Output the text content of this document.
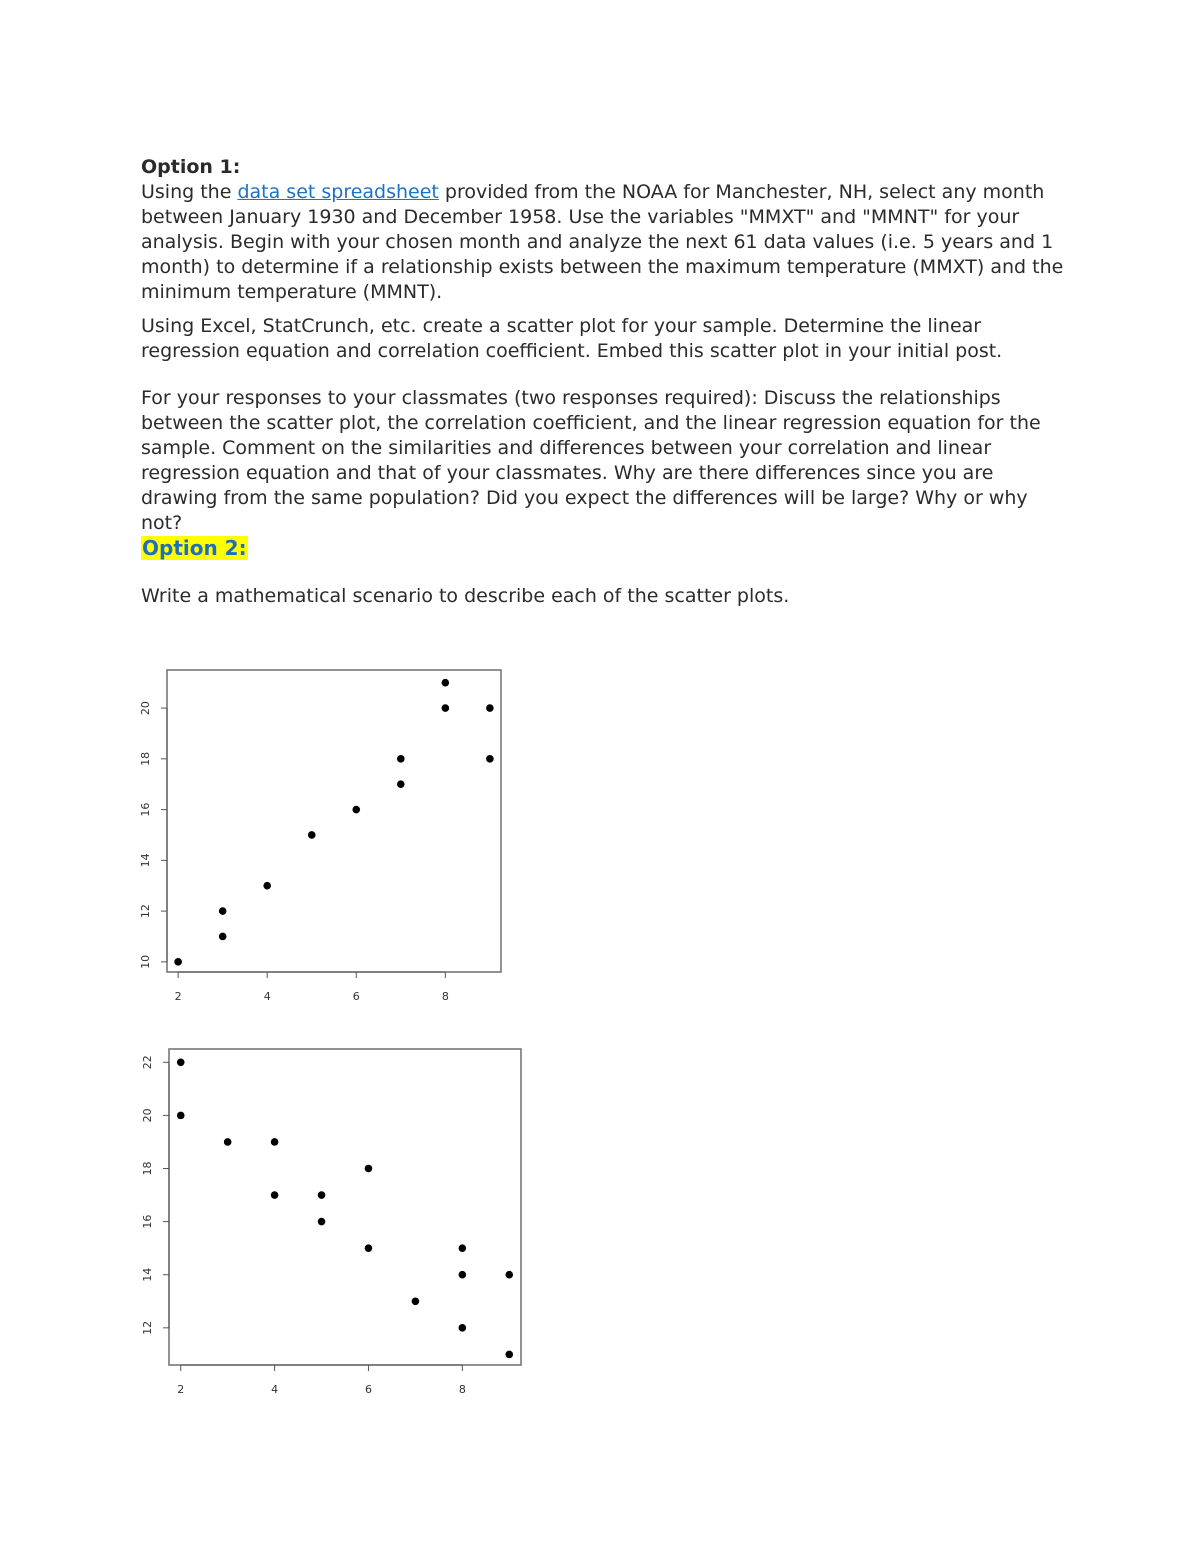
Option 1:

Using the data set spreadsheet provided from the NOAA for Manchester, NH, select any month between January 1930 and December 1958. Use the variables "MMXT" and "MMNT" for your analysis. Begin with your chosen month and analyze the next 61 data values (i.e. 5 years and 1 month) to determine if a relationship exists between the maximum temperature (MMXT) and the minimum temperature (MMNT).

Using Excel, StatCrunch, etc. create a scatter plot for your sample. Determine the linear regression equation and correlation coefficient. Embed this scatter plot in your initial post.

For your responses to your classmates (two responses required): Discuss the relationships between the scatter plot, the correlation coefficient, and the linear regression equation for the sample. Comment on the similarities and differences between your correlation and linear regression equation and that of your classmates. Why are there differences since you are drawing from the same population? Did you expect the differences will be large? Why or why not?

Option 2:

Write a mathematical scenario to describe each of the scatter plots.

2	4	6	8
10
12
14
16
18
20
2	4	6	8
12
14
16
18
20
22
